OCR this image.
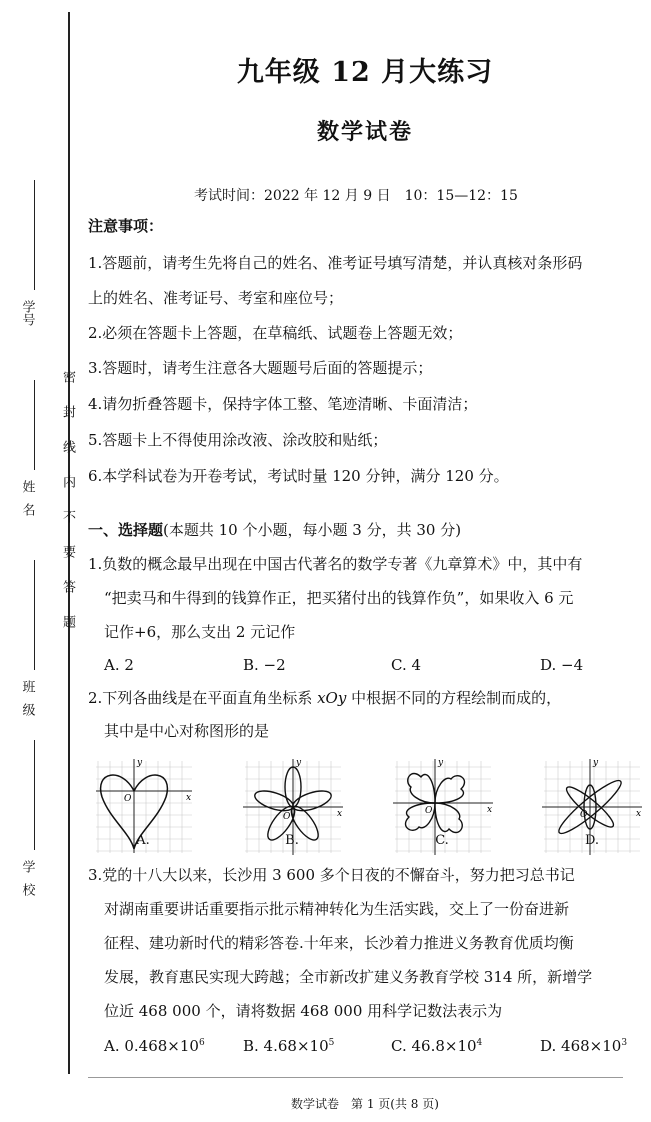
学号
姓名
班级
学校
密封线内不要答题
九年级 12 月大练习
数学试卷
考试时间：2022 年 12 月 9 日　10：15—12：15
注意事项：
1.答题前，请考生先将自己的姓名、准考证号填写清楚，并认真核对条形码
上的姓名、准考证号、考室和座位号；
2.必须在答题卡上答题，在草稿纸、试题卷上答题无效；
3.答题时，请考生注意各大题题号后面的答题提示；
4.请勿折叠答题卡，保持字体工整、笔迹清晰、卡面清洁；
5.答题卡上不得使用涂改液、涂改胶和贴纸；
6.本学科试卷为开卷考试，考试时量 120 分钟，满分 120 分。
一、选择题(本题共 10 个小题，每小题 3 分，共 30 分)
1.负数的概念最早出现在中国古代著名的数学专著《九章算术》中，其中有
“把卖马和牛得到的钱算作正，把买猪付出的钱算作负”，如果收入 6 元
记作+6，那么支出 2 元记作
A. 2	B. −2	C. 4	D. −4
2.下列各曲线是在平面直角坐标系 xOy 中根据不同的方程绘制而成的，
其中是中心对称图形的是
y
x
O
A.
y
x
O
B.
y
x
O
C.
y
x
O
D.
3.党的十八大以来，长沙用 3 600 多个日夜的不懈奋斗，努力把习总书记
对湖南重要讲话重要指示批示精神转化为生活实践，交上了一份奋进新
征程、建功新时代的精彩答卷.十年来，长沙着力推进义务教育优质均衡
发展，教育惠民实现大跨越；全市新改扩建义务教育学校 314 所，新增学
位近 468 000 个，请将数据 468 000 用科学记数法表示为
A. $0.468\times 10^6$	B. $4.68\times 10^5$	C. $46.8\times 10^4$	D. $468\times 10^3$
数学试卷　第 1 页(共 8 页)
